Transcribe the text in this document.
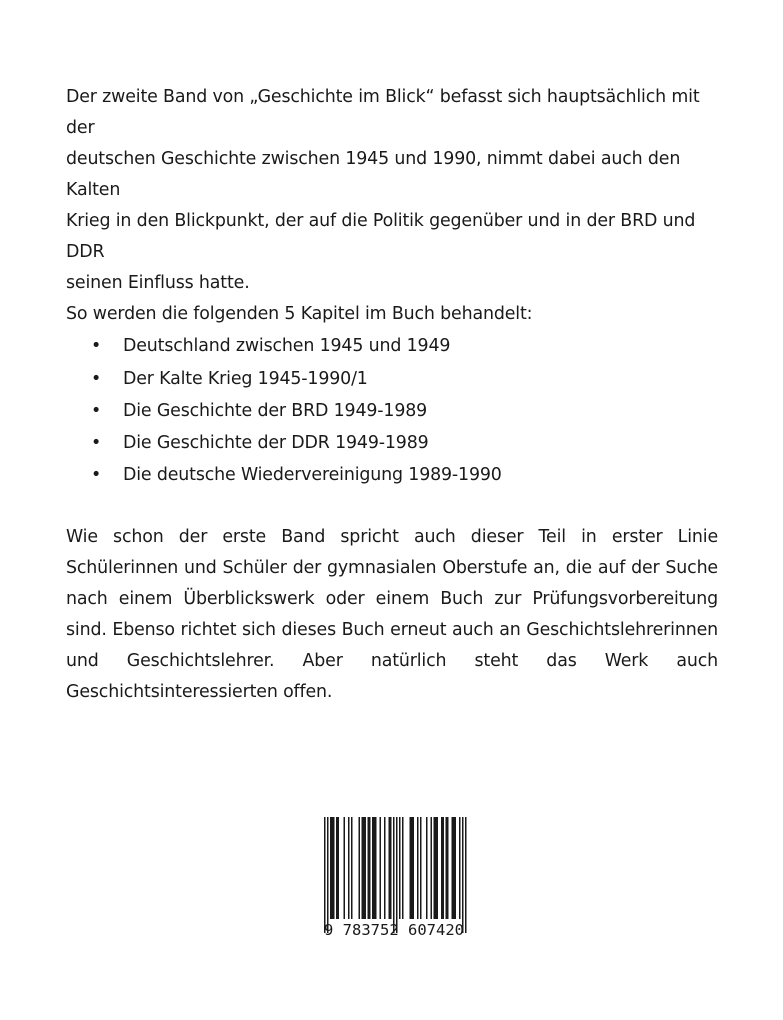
Der zweite Band von „Geschichte im Blick“ befasst sich hauptsächlich mit der
deutschen Geschichte zwischen 1945 und 1990, nimmt dabei auch den Kalten
Krieg in den Blickpunkt, der auf die Politik gegenüber und in der BRD und DDR
seinen Einfluss hatte.

So werden die folgenden 5 Kapitel im Buch behandelt:

• Deutschland zwischen 1945 und 1949
• Der Kalte Krieg 1945-1990/1
• Die Geschichte der BRD 1949-1989
• Die Geschichte der DDR 1949-1989
• Die deutsche Wiedervereinigung 1989-1990

Wie schon der erste Band spricht auch dieser Teil in erster Linie Schülerinnen und Schüler der gymnasialen Oberstufe an, die auf der Suche nach einem Überblickswerk oder einem Buch zur Prüfungsvorbereitung sind. Ebenso richtet sich dieses Buch erneut auch an Geschichtslehrerinnen und Geschichtslehrer. Aber natürlich steht das Werk auch Geschichtsinteressierten offen.

9 783752 607420
